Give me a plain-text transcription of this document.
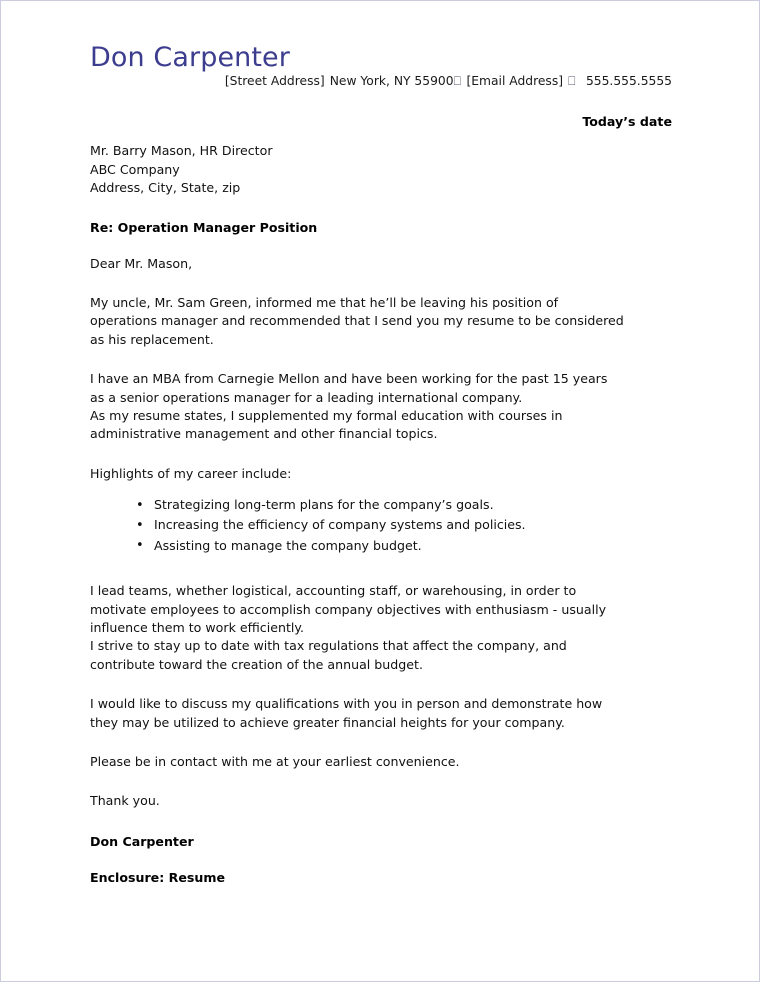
Don Carpenter
[Street Address] New York, NY 55900⎕ [Email Address] ⎕ 555.555.5555
Today’s date
Mr. Barry Mason, HR Director
ABC Company
Address, City, State, zip
Re: Operation Manager Position
Dear Mr. Mason,
My uncle, Mr. Sam Green, informed me that he’ll be leaving his position of
operations manager and recommended that I send you my resume to be considered
as his replacement.
I have an MBA from Carnegie Mellon and have been working for the past 15 years
as a senior operations manager for a leading international company.
As my resume states, I supplemented my formal education with courses in
administrative management and other financial topics.
Highlights of my career include:
• Strategizing long-term plans for the company’s goals.
• Increasing the efficiency of company systems and policies.
• Assisting to manage the company budget.
I lead teams, whether logistical, accounting staff, or warehousing, in order to
motivate employees to accomplish company objectives with enthusiasm - usually
influence them to work efficiently.
I strive to stay up to date with tax regulations that affect the company, and
contribute toward the creation of the annual budget.
I would like to discuss my qualifications with you in person and demonstrate how
they may be utilized to achieve greater financial heights for your company.
Please be in contact with me at your earliest convenience.
Thank you.
Don Carpenter
Enclosure: Resume
